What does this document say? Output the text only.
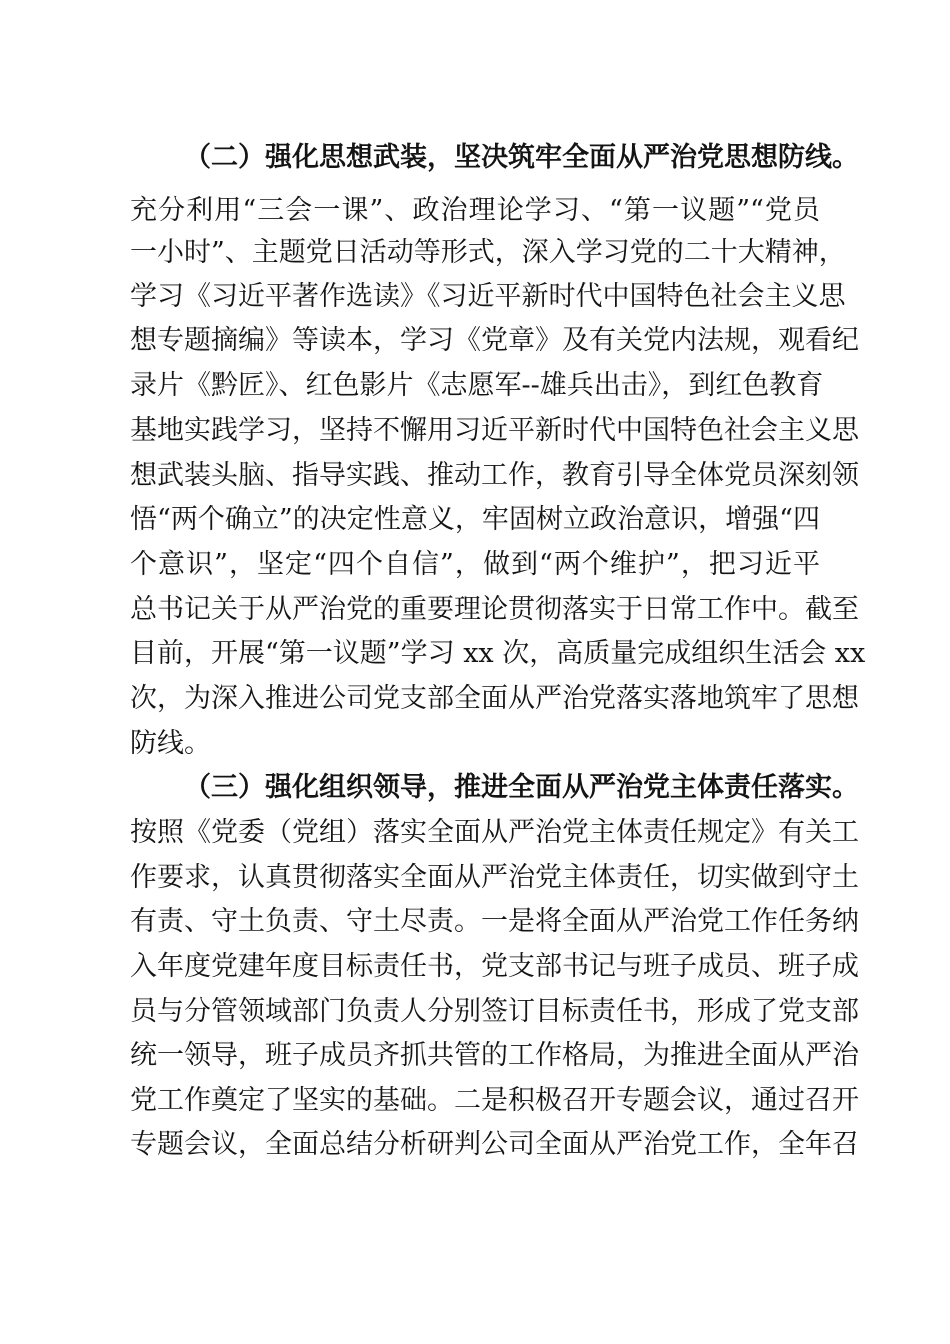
（二）强化思想武装，坚决筑牢全面从严治党思想防线。
充分利用“三会一课”、政治理论学习、“第一议题”“党员
一小时”、主题党日活动等形式，深入学习党的二十大精神，
学习《习近平著作选读》《习近平新时代中国特色社会主义思
想专题摘编》等读本，学习《党章》及有关党内法规，观看纪
录片《黔匠》、红色影片《志愿军--雄兵出击》，到红色教育
基地实践学习，坚持不懈用习近平新时代中国特色社会主义思
想武装头脑、指导实践、推动工作，教育引导全体党员深刻领
悟“两个确立”的决定性意义，牢固树立政治意识，增强“四
个意识”，坚定“四个自信”，做到“两个维护”，把习近平
总书记关于从严治党的重要理论贯彻落实于日常工作中。截至
目前，开展“第一议题”学习 xx 次，高质量完成组织生活会 xx
次，为深入推进公司党支部全面从严治党落实落地筑牢了思想
防线。
（三）强化组织领导，推进全面从严治党主体责任落实。
按照《党委（党组）落实全面从严治党主体责任规定》有关工
作要求，认真贯彻落实全面从严治党主体责任，切实做到守土
有责、守土负责、守土尽责。一是将全面从严治党工作任务纳
入年度党建年度目标责任书，党支部书记与班子成员、班子成
员与分管领域部门负责人分别签订目标责任书，形成了党支部
统一领导，班子成员齐抓共管的工作格局，为推进全面从严治
党工作奠定了坚实的基础。二是积极召开专题会议，通过召开
专题会议，全面总结分析研判公司全面从严治党工作，全年召
